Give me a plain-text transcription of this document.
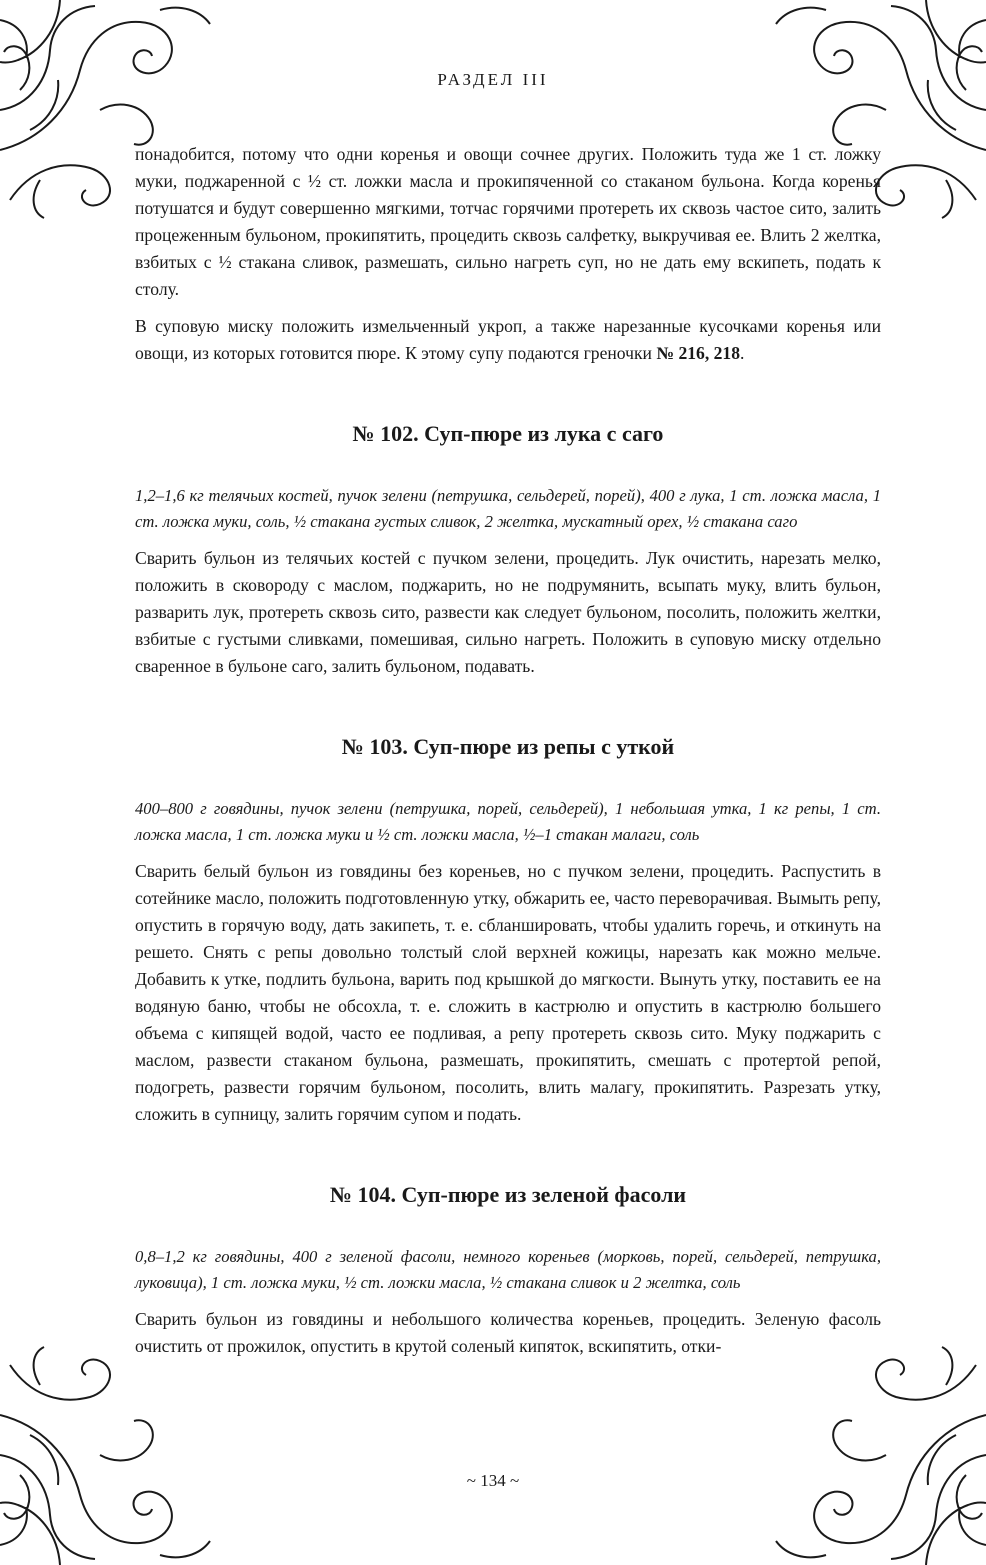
РАЗДЕЛ III

понадобится, потому что одни коренья и овощи сочнее других. Положить туда же 1 ст. ложку муки, поджаренной с ½ ст. ложки масла и прокипяченной со стаканом бульона. Когда коренья потушатся и будут совершенно мягкими, тотчас горячими протереть их сквозь частое сито, залить процеженным бульоном, прокипятить, процедить сквозь салфетку, выкручивая ее. Влить 2 желтка, взбитых с ½ стакана сливок, размешать, сильно нагреть суп, но не дать ему вскипеть, подать к столу.

В суповую миску положить измельченный укроп, а также нарезанные кусочками коренья или овощи, из которых готовится пюре. К этому супу подаются греночки № 216, 218.

№ 102. Суп-пюре из лука с саго

1,2–1,6 кг телячьих костей, пучок зелени (петрушка, сельдерей, порей), 400 г лука, 1 ст. ложка масла, 1 ст. ложка муки, соль, ½ стакана густых сливок, 2 желтка, мускатный орех, ½ стакана саго

Сварить бульон из телячьих костей с пучком зелени, процедить. Лук очистить, нарезать мелко, положить в сковороду с маслом, поджарить, но не подрумянить, всыпать муку, влить бульон, разварить лук, протереть сквозь сито, развести как следует бульоном, посолить, положить желтки, взбитые с густыми сливками, помешивая, сильно нагреть. Положить в суповую миску отдельно сваренное в бульоне саго, залить бульоном, подавать.

№ 103. Суп-пюре из репы с уткой

400–800 г говядины, пучок зелени (петрушка, порей, сельдерей), 1 небольшая утка, 1 кг репы, 1 ст. ложка масла, 1 ст. ложка муки и ½ ст. ложки масла, ½–1 стакан малаги, соль

Сварить белый бульон из говядины без кореньев, но с пучком зелени, процедить. Распустить в сотейнике масло, положить подготовленную утку, обжарить ее, часто переворачивая. Вымыть репу, опустить в горячую воду, дать закипеть, т. е. сбланшировать, чтобы удалить горечь, и откинуть на решето. Снять с репы довольно толстый слой верхней кожицы, нарезать как можно мельче. Добавить к утке, подлить бульона, варить под крышкой до мягкости. Вынуть утку, поставить ее на водяную баню, чтобы не обсохла, т. е. сложить в кастрюлю и опустить в кастрюлю большего объема с кипящей водой, часто ее подливая, а репу протереть сквозь сито. Муку поджарить с маслом, развести стаканом бульона, размешать, прокипятить, смешать с протертой репой, подогреть, развести горячим бульоном, посолить, влить малагу, прокипятить. Разрезать утку, сложить в супницу, залить горячим супом и подать.

№ 104. Суп-пюре из зеленой фасоли

0,8–1,2 кг говядины, 400 г зеленой фасоли, немного кореньев (морковь, порей, сельдерей, петрушка, луковица), 1 ст. ложка муки, ½ ст. ложки масла, ½ стакана сливок и 2 желтка, соль

Сварить бульон из говядины и небольшого количества кореньев, процедить. Зеленую фасоль очистить от прожилок, опустить в крутой соленый кипяток, вскипятить, отки-

~ 134 ~
